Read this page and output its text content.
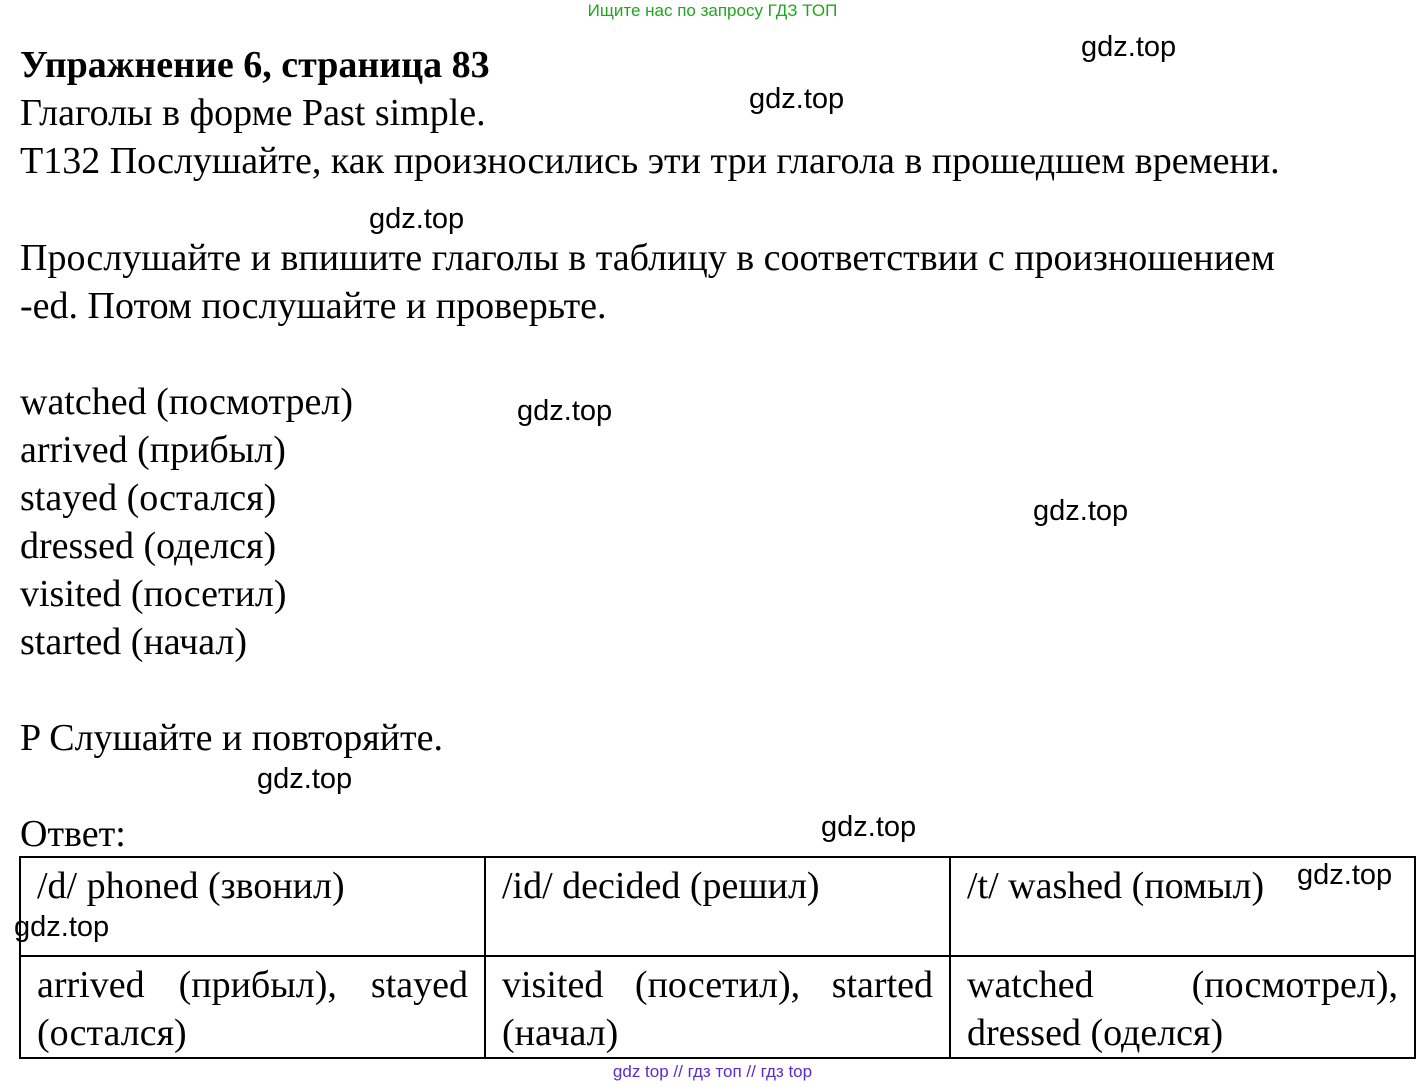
Ищите нас по запросу ГДЗ ТОП
Упражнение 6, страница 83
Глаголы в форме Past simple.
T132 Послушайте, как произносились эти три глагола в прошедшем времени.
Прослушайте и впишите глаголы в таблицу в соответствии с произношением
-ed. Потом послушайте и проверьте.
watched (посмотрел)
arrived (прибыл)
stayed (остался)
dressed (оделся)
visited (посетил)
started (начал)
P Слушайте и повторяйте.
Ответ:
/d/ phoned (звонил)	/id/ decided (решил)	/t/ washed (помыл)
arrived (прибыл), stayed (остался)	visited (посетил), started (начал)	watched (посмотрел), dressed (оделся)
gdz.top
gdz.top
gdz.top
gdz.top
gdz.top
gdz.top
gdz.top
gdz.top
gdz.top
gdz top // гдз топ // гдз top
